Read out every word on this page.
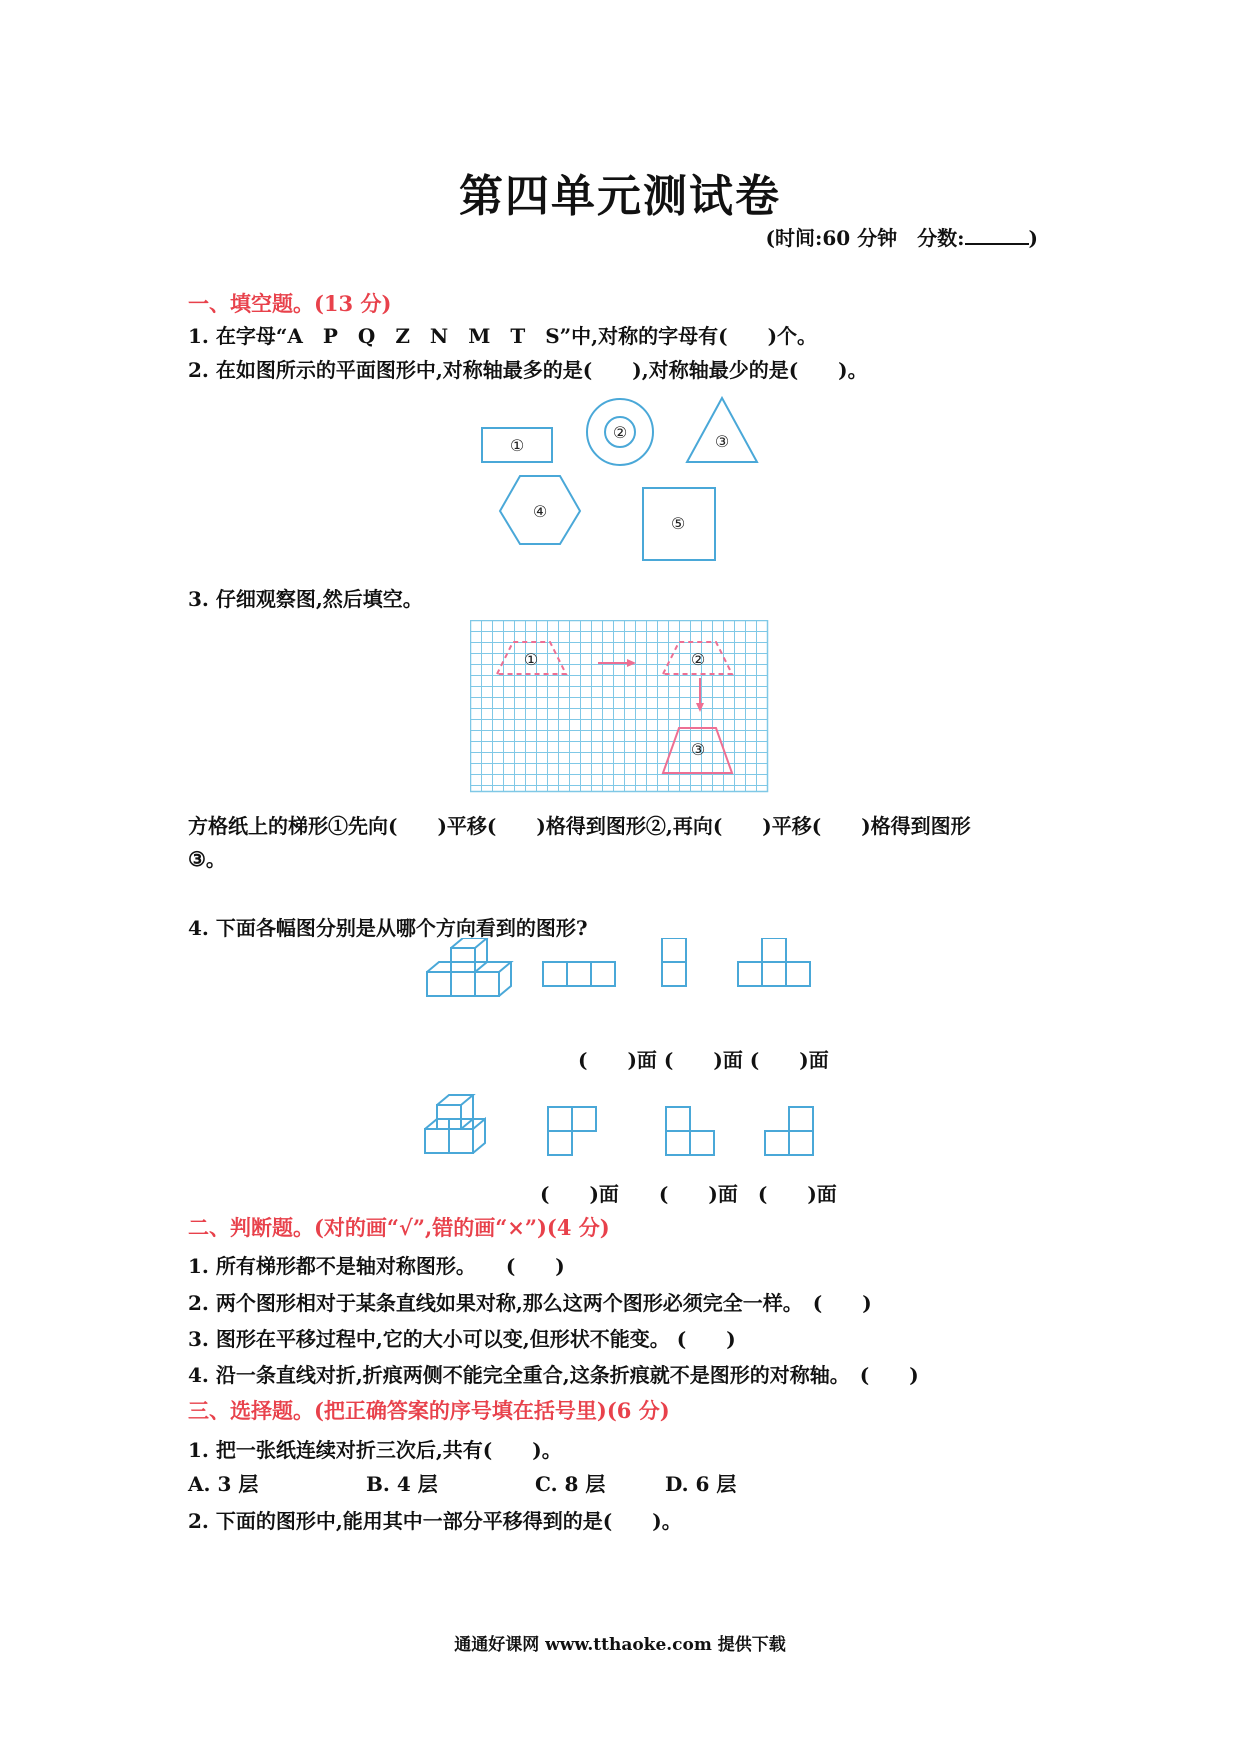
第四单元测试卷
(时间:60 分钟　分数:	)
一、填空题。(13 分)
1. 在字母“A　P　Q　Z　N　M　T　S”中,对称的字母有(　　)个。
2. 在如图所示的平面图形中,对称轴最多的是(　　),对称轴最少的是(　　)。
①
②	③
④
⑤
3. 仔细观察图,然后填空。
①	②
③
方格纸上的梯形①先向(　　)平移(　　)格得到图形②,再向(　　)平移(　　)格得到图形
③。
4. 下面各幅图分别是从哪个方向看到的图形?
(　　)面 (　　)面 (　　)面
(　　)面　　(　　)面　(　　)面
二、判断题。(对的画“√”,错的画“×”)(4 分)
1. 所有梯形都不是轴对称图形。　　(　　)
2. 两个图形相对于某条直线如果对称,那么这两个图形必须完全一样。　(　　)
3. 图形在平移过程中,它的大小可以变,但形状不能变。 (　　)
4. 沿一条直线对折,折痕两侧不能完全重合,这条折痕就不是图形的对称轴。　(　　)
三、选择题。(把正确答案的序号填在括号里)(6 分)
1. 把一张纸连续对折三次后,共有(　　)。
A. 3 层	B. 4 层	C. 8 层	D. 6 层
2. 下面的图形中,能用其中一部分平移得到的是(　　)。
通通好课网 www.tthaoke.com 提供下载
